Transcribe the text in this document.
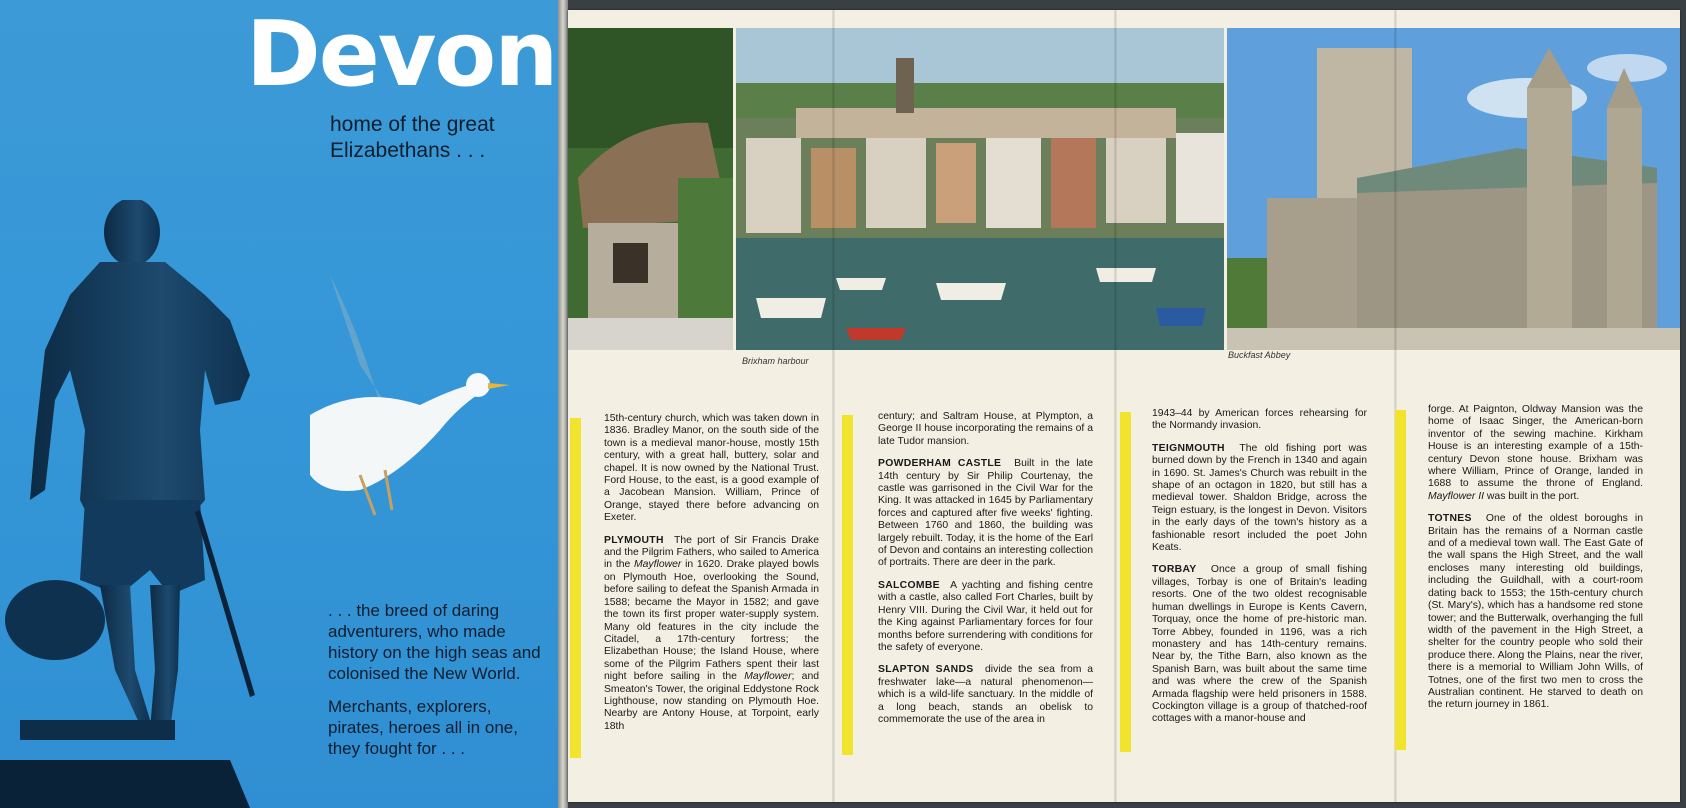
Devon
home of the great Elizabethans . . .

. . . the breed of daring adventurers, who made history on the high seas and colonised the New World.

Merchants, explorers, pirates, heroes all in one, they fought for . . .

Brixham harbour
Buckfast Abbey

15th-century church, which was taken down in 1836. Bradley Manor, on the south side of the town is a medieval manor-house, mostly 15th century, with a great hall, buttery, solar and chapel. It is now owned by the National Trust. Ford House, to the east, is a good example of a Jacobean Mansion. William, Prince of Orange, stayed there before advancing on Exeter.

PLYMOUTH The port of Sir Francis Drake and the Pilgrim Fathers, who sailed to America in the Mayflower in 1620. Drake played bowls on Plymouth Hoe, overlooking the Sound, before sailing to defeat the Spanish Armada in 1588; became the Mayor in 1582; and gave the town its first proper water-supply system. Many old features in the city include the Citadel, a 17th-century fortress; the Elizabethan House; the Island House, where some of the Pilgrim Fathers spent their last night before sailing in the Mayflower; and Smeaton's Tower, the original Eddystone Rock Lighthouse, now standing on Plymouth Hoe. Nearby are Antony House, at Torpoint, early 18th

century; and Saltram House, at Plympton, a George II house incorporating the remains of a late Tudor mansion.

POWDERHAM CASTLE Built in the late 14th century by Sir Philip Courtenay, the castle was garrisoned in the Civil War for the King. It was attacked in 1645 by Parliamentary forces and captured after five weeks' fighting. Between 1760 and 1860, the building was largely rebuilt. Today, it is the home of the Earl of Devon and contains an interesting collection of portraits. There are deer in the park.

SALCOMBE A yachting and fishing centre with a castle, also called Fort Charles, built by Henry VIII. During the Civil War, it held out for the King against Parliamentary forces for four months before surrendering with conditions for the safety of everyone.

SLAPTON SANDS divide the sea from a freshwater lake—a natural phenomenon—which is a wild-life sanctuary. In the middle of a long beach, stands an obelisk to commemorate the use of the area in

1943–44 by American forces rehearsing for the Normandy invasion.

TEIGNMOUTH The old fishing port was burned down by the French in 1340 and again in 1690. St. James's Church was rebuilt in the shape of an octagon in 1820, but still has a medieval tower. Shaldon Bridge, across the Teign estuary, is the longest in Devon. Visitors in the early days of the town's history as a fashionable resort included the poet John Keats.

TORBAY Once a group of small fishing villages, Torbay is one of Britain's leading resorts. One of the two oldest recognisable human dwellings in Europe is Kents Cavern, Torquay, once the home of pre-historic man. Torre Abbey, founded in 1196, was a rich monastery and has 14th-century remains. Near by, the Tithe Barn, also known as the Spanish Barn, was built about the same time and was where the crew of the Spanish Armada flagship were held prisoners in 1588. Cockington village is a group of thatched-roof cottages with a manor-house and

forge. At Paignton, Oldway Mansion was the home of Isaac Singer, the American-born inventor of the sewing machine. Kirkham House is an interesting example of a 15th-century Devon stone house. Brixham was where William, Prince of Orange, landed in 1688 to assume the throne of England. Mayflower II was built in the port.

TOTNES One of the oldest boroughs in Britain has the remains of a Norman castle and of a medieval town wall. The East Gate of the wall spans the High Street, and the wall encloses many interesting old buildings, including the Guildhall, with a court-room dating back to 1553; the 15th-century church (St. Mary's), which has a handsome red stone tower; and the Butterwalk, overhanging the full width of the pavement in the High Street, a shelter for the country people who sold their produce there. Along the Plains, near the river, there is a memorial to William John Wills, of Totnes, one of the first two men to cross the Australian continent. He starved to death on the return journey in 1861.
